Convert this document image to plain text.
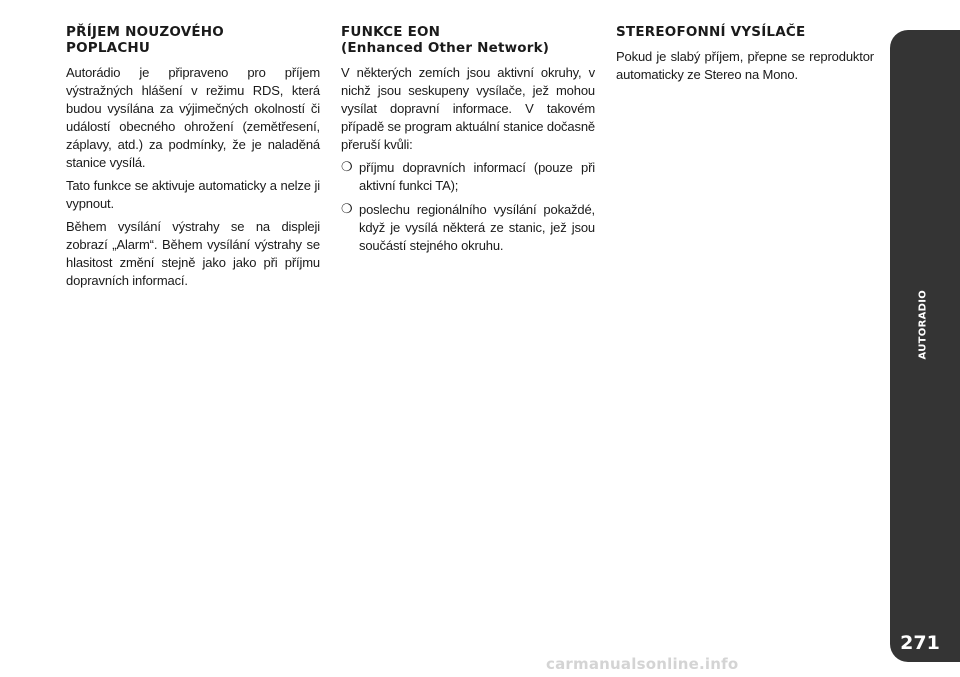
PŘÍJEM NOUZOVÉHO
POPLACHU

Autorádio je připraveno pro příjem výstražných hlášení v režimu RDS, která budou vysílána za výjimečných okolností či událostí obecného ohrožení (zemětřesení, záplavy, atd.) za podmínky, že je naladěná stanice vysílá.

Tato funkce se aktivuje automaticky a nelze ji vypnout.

Během vysílání výstrahy se na displeji zobrazí „Alarm“. Během vysílání výstrahy se hlasitost změní stejně jako jako při příjmu dopravních informací.

FUNKCE EON
(Enhanced Other Network)

V některých zemích jsou aktivní okruhy, v nichž jsou seskupeny vysílače, jež mohou vysílat dopravní informace. V takovém případě se program aktuální stanice dočasně přeruší kvůli:

❍ příjmu dopravních informací (pouze při aktivní funkci TA);
❍ poslechu regionálního vysílání pokaždé, když je vysílá některá ze stanic, jež jsou součástí stejného okruhu.
STEREOFONNÍ VYSÍLAČE

Pokud je slabý příjem, přepne se reproduktor automaticky ze Stereo na Mono.

AUTORADIO
271
carmanualsonline.info
